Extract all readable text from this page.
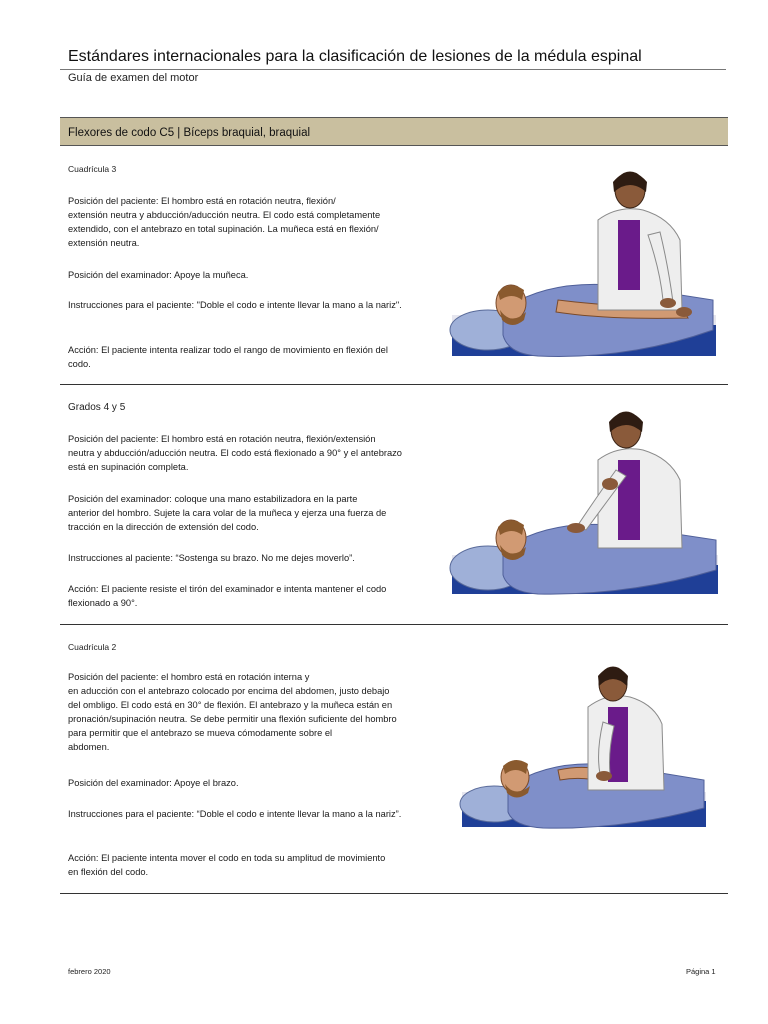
Estándares internacionales para la clasificación de lesiones de la médula espinal
Guía de examen del motor
Flexores de codo C5 | Bíceps braquial, braquial
Cuadrícula 3
Posición del paciente: El hombro está en rotación neutra, flexión/
extensión neutra y abducción/aducción neutra. El codo está completamente
extendido, con el antebrazo en total supinación. La muñeca está en flexión/
extensión neutra.
Posición del examinador: Apoye la muñeca.
Instrucciones para el paciente: "Doble el codo e intente llevar la mano a la nariz".
Acción: El paciente intenta realizar todo el rango de movimiento en flexión del
codo.
Grados 4 y 5
Posición del paciente: El hombro está en rotación neutra, flexión/extensión
neutra y abducción/aducción neutra. El codo está flexionado a 90° y el antebrazo
está en supinación completa.
Posición del examinador: coloque una mano estabilizadora en la parte
anterior del hombro. Sujete la cara volar de la muñeca y ejerza una fuerza de
tracción en la dirección de extensión del codo.
Instrucciones al paciente: “Sostenga su brazo. No me dejes moverlo”.
Acción: El paciente resiste el tirón del examinador e intenta mantener el codo
flexionado a 90°.
Cuadrícula 2
Posición del paciente: el hombro está en rotación interna y
en aducción con el antebrazo colocado por encima del abdomen, justo debajo
del ombligo. El codo está en 30° de flexión. El antebrazo y la muñeca están en
pronación/supinación neutra. Se debe permitir una flexión suficiente del hombro
para permitir que el antebrazo se mueva cómodamente sobre el
abdomen.
Posición del examinador: Apoye el brazo.
Instrucciones para el paciente: “Doble el codo e intente llevar la mano a la nariz”.
Acción: El paciente intenta mover el codo en toda su amplitud de movimiento
en flexión del codo.
febrero 2020	Página 1
